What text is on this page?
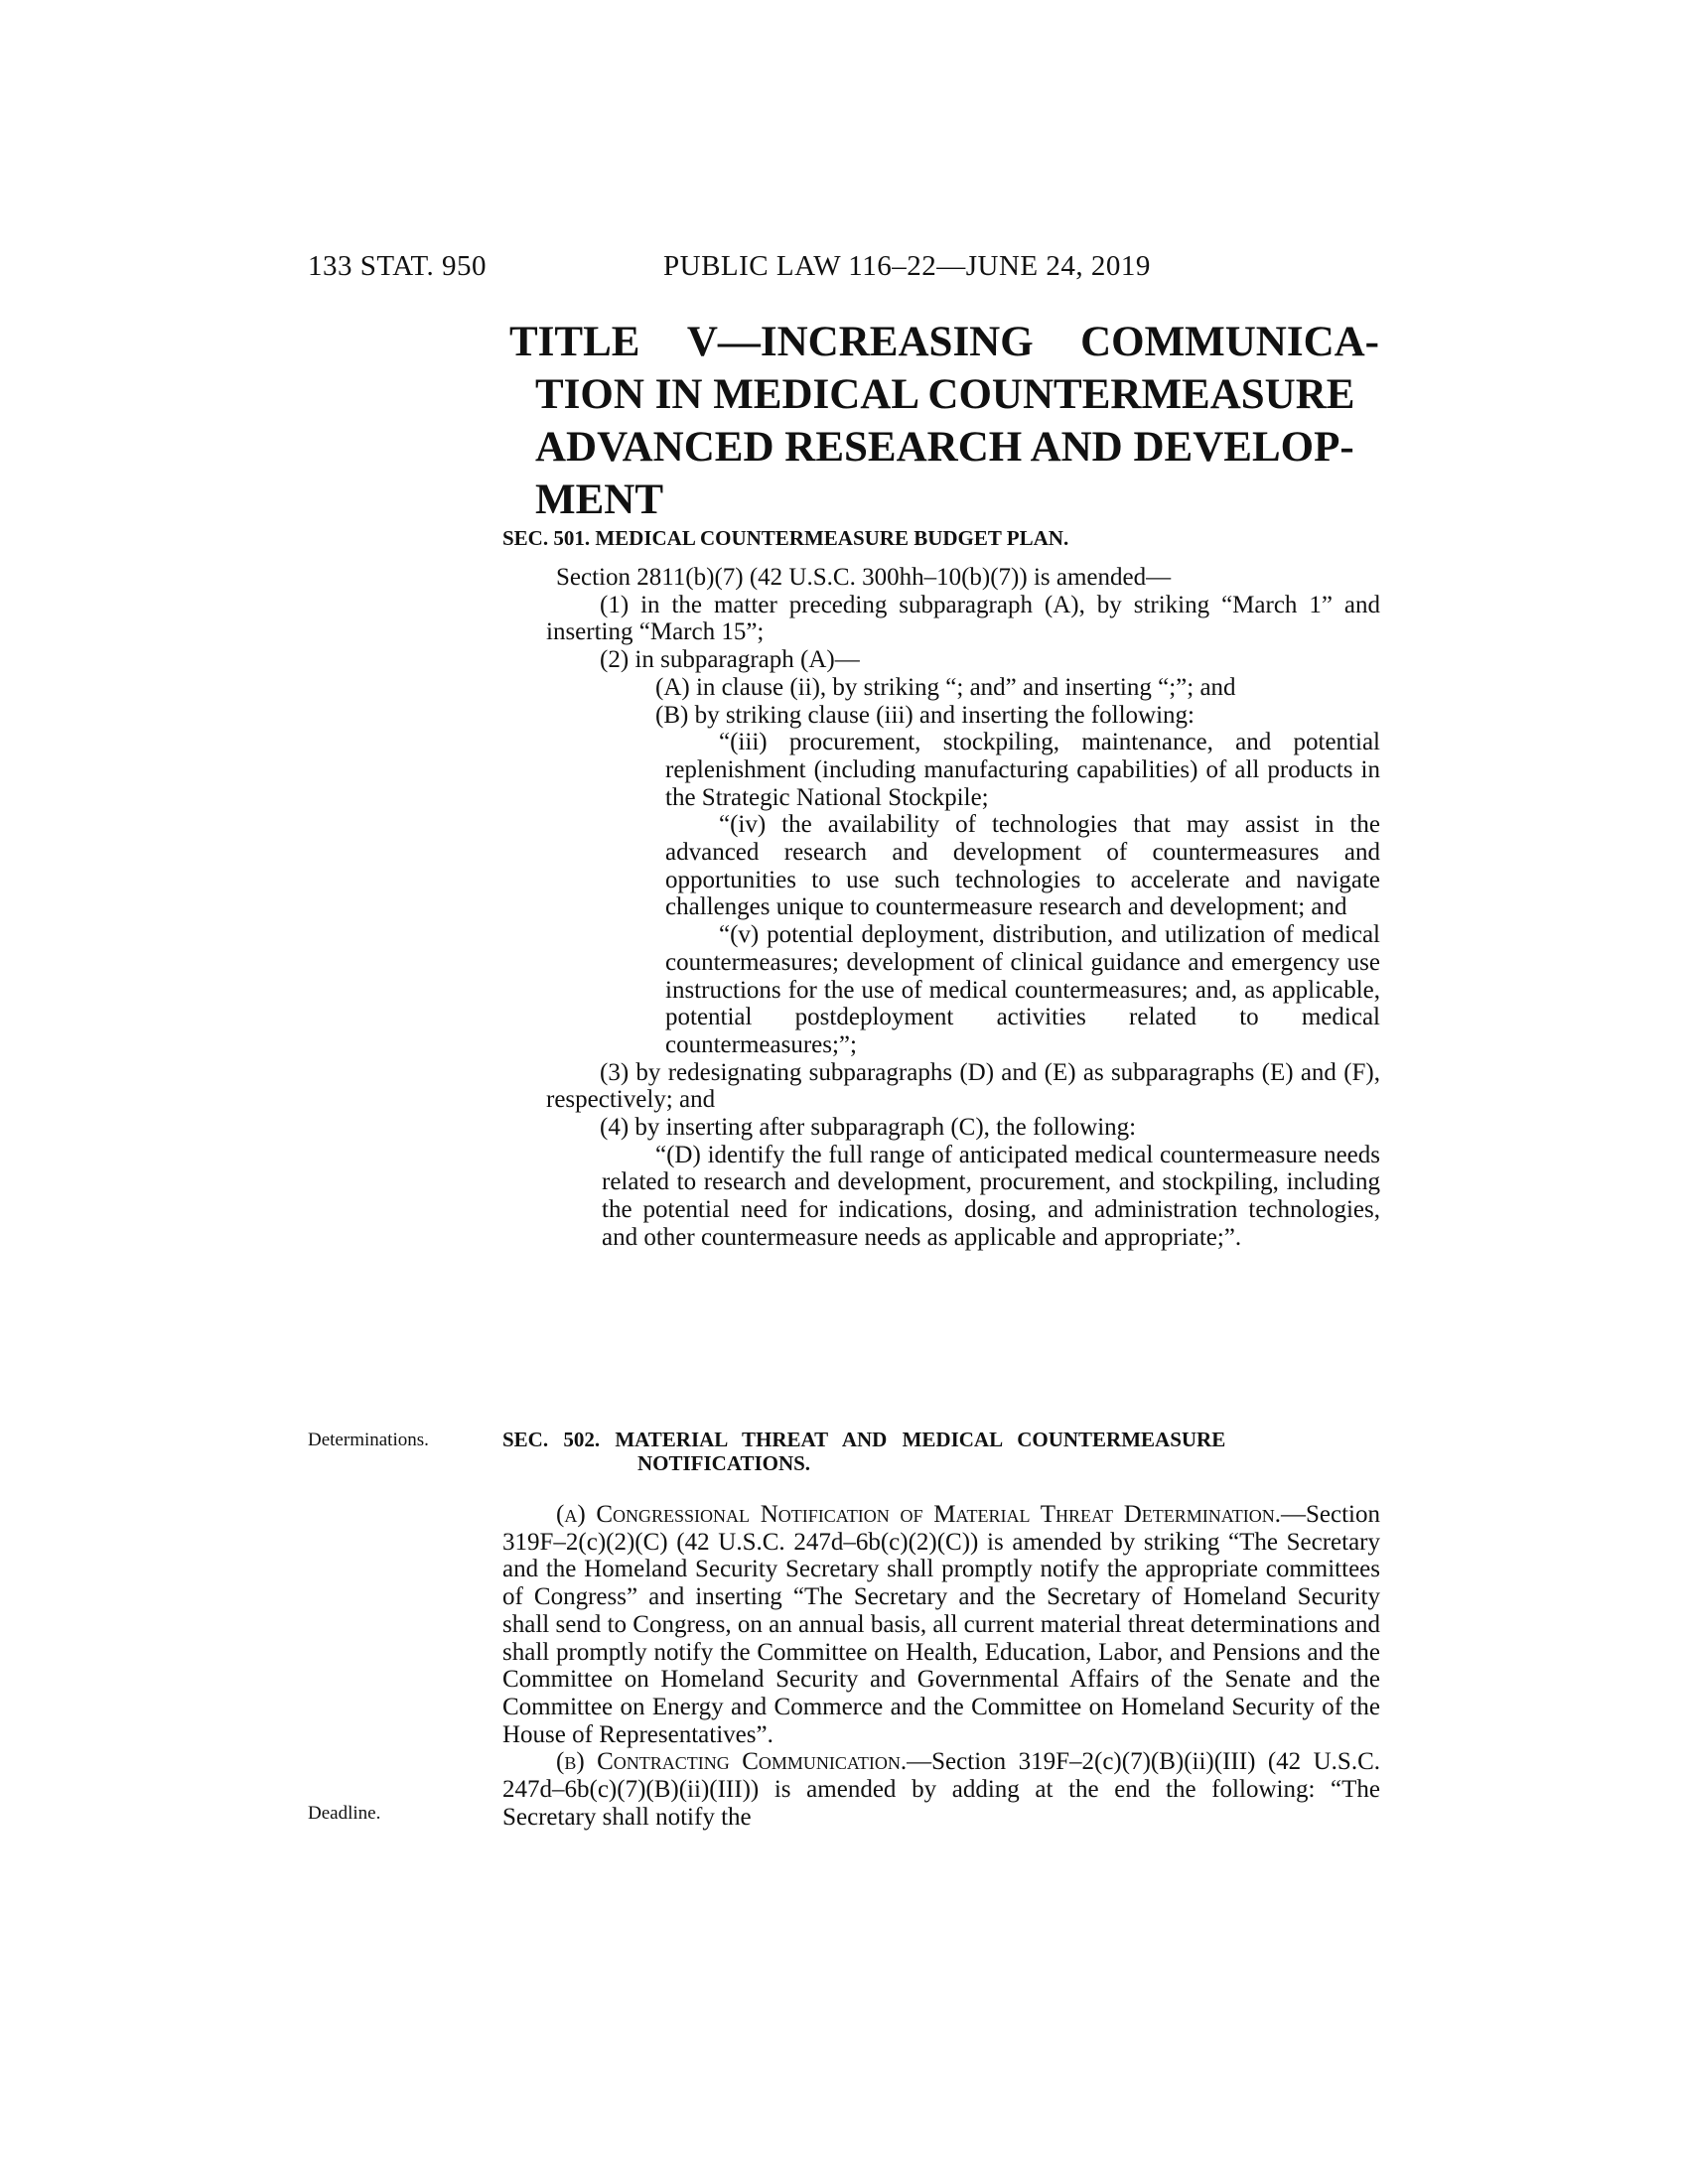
133 STAT. 950	PUBLIC LAW 116–22—JUNE 24, 2019
TITLE V—INCREASING COMMUNICA-
TION IN MEDICAL COUNTERMEASURE
ADVANCED RESEARCH AND DEVELOP-
MENT
SEC. 501. MEDICAL COUNTERMEASURE BUDGET PLAN.

Section 2811(b)(7) (42 U.S.C. 300hh–10(b)(7)) is amended—

(1) in the matter preceding subparagraph (A), by striking “March 1” and inserting “March 15”;

(2) in subparagraph (A)—

(A) in clause (ii), by striking “; and” and inserting “;”; and

(B) by striking clause (iii) and inserting the following:

“(iii) procurement, stockpiling, maintenance, and potential replenishment (including manufacturing capabilities) of all products in the Strategic National Stockpile;

“(iv) the availability of technologies that may assist in the advanced research and development of countermeasures and opportunities to use such technologies to accelerate and navigate challenges unique to countermeasure research and development; and

“(v) potential deployment, distribution, and utilization of medical countermeasures; development of clinical guidance and emergency use instructions for the use of medical countermeasures; and, as applicable, potential postdeployment activities related to medical countermeasures;”;

(3) by redesignating subparagraphs (D) and (E) as subparagraphs (E) and (F), respectively; and

(4) by inserting after subparagraph (C), the following:

“(D) identify the full range of anticipated medical countermeasure needs related to research and development, procurement, and stockpiling, including the potential need for indications, dosing, and administration technologies, and other countermeasure needs as applicable and appropriate;”.

Determinations.	SEC. 502. MATERIAL THREAT AND MEDICAL COUNTERMEASURE
NOTIFICATIONS.

(a) Congressional Notification of Material Threat Determination.—Section 319F–2(c)(2)(C) (42 U.S.C. 247d–6b(c)(2)(C)) is amended by striking “The Secretary and the Homeland Security Secretary shall promptly notify the appropriate committees of Congress” and inserting “The Secretary and the Secretary of Homeland Security shall send to Congress, on an annual basis, all current material threat determinations and shall promptly notify the Committee on Health, Education, Labor, and Pensions and the Committee on Homeland Security and Governmental Affairs of the Senate and the Committee on Energy and Commerce and the Committee on Homeland Security of the House of Representatives”.

(b) Contracting Communication.—Section 319F–2(c)(7)(B)(ii)(III) (42 U.S.C. 247d–6b(c)(7)(B)(ii)(III)) is amended by adding at the end the following: “The Secretary shall notify the

Deadline.
